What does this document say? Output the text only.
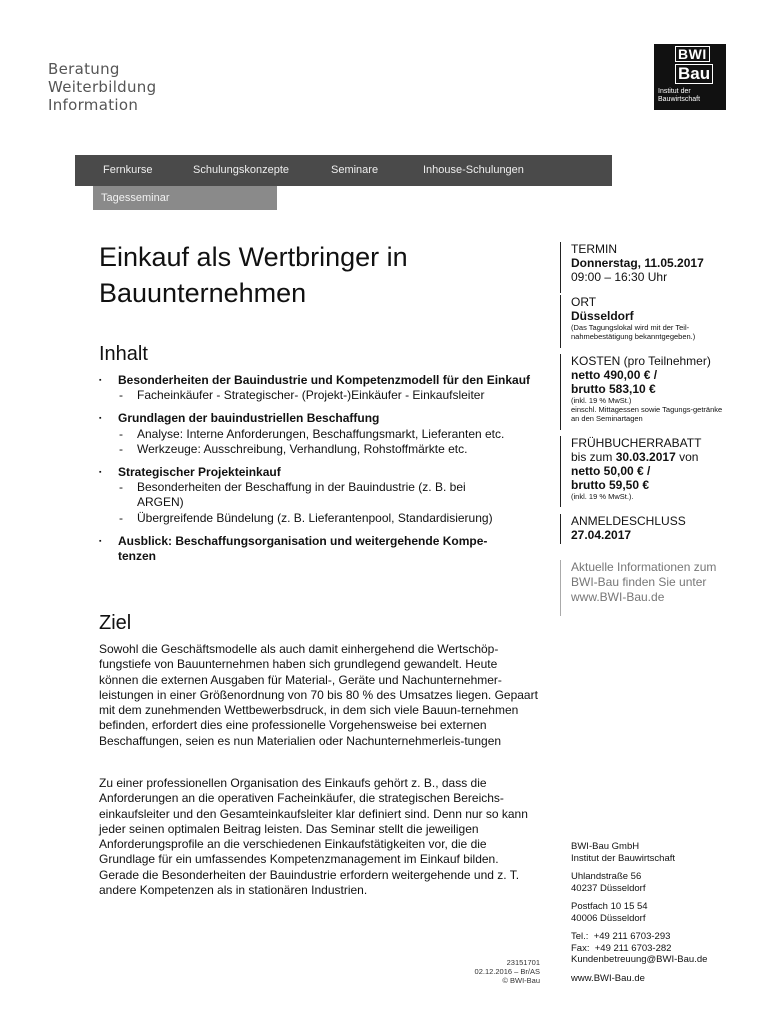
Beratung
Weiterbildung
Information
BWI
Bau
Institut der
Bauwirtschaft
Fernkurse	Schulungskonzepte	Seminare	Inhouse-Schulungen
Tagesseminar
Einkauf als Wertbringer in
Bauunternehmen
Inhalt
▪ Besonderheiten der Bauindustrie und Kompetenzmodell für den Einkauf
- Facheinkäufer - Strategischer- (Projekt-)Einkäufer - Einkaufsleiter
▪ Grundlagen der bauindustriellen Beschaffung
- Analyse: Interne Anforderungen, Beschaffungsmarkt, Lieferanten etc.
- Werkzeuge: Ausschreibung, Verhandlung, Rohstoffmärkte etc.
▪ Strategischer Projekteinkauf
- Besonderheiten der Beschaffung in der Bauindustrie (z. B. bei ARGEN)
- Übergreifende Bündelung (z. B. Lieferantenpool, Standardisierung)
▪ Ausblick: Beschaffungsorganisation und weitergehende Kompe-tenzen
Ziel
Sowohl die Geschäftsmodelle als auch damit einhergehend die Wertschöp-fungstiefe von Bauunternehmen haben sich grundlegend gewandelt. Heute können die externen Ausgaben für Material-, Geräte und Nachunternehmer-leistungen in einer Größenordnung von 70 bis 80 % des Umsatzes liegen. Gepaart mit dem zunehmenden Wettbewerbsdruck, in dem sich viele Bauun-ternehmen befinden, erfordert dies eine professionelle Vorgehensweise bei externen Beschaffungen, seien es nun Materialien oder Nachunternehmerleis-tungen
Zu einer professionellen Organisation des Einkaufs gehört z. B., dass die Anforderungen an die operativen Facheinkäufer, die strategischen Bereichs-einkaufsleiter und den Gesamteinkaufsleiter klar definiert sind. Denn nur so kann jeder seinen optimalen Beitrag leisten. Das Seminar stellt die jeweiligen Anforderungsprofile an die verschiedenen Einkaufstätigkeiten vor, die die Grundlage für ein umfassendes Kompetenzmanagement im Einkauf bilden. Gerade die Besonderheiten der Bauindustrie erfordern weitergehende und z. T. andere Kompetenzen als in stationären Industrien.
TERMIN
Donnerstag, 11.05.2017
09:00 – 16:30 Uhr
ORT
Düsseldorf
(Das Tagungslokal wird mit der Teil-nahmebestätigung bekanntgegeben.)
KOSTEN (pro Teilnehmer)
netto 490,00 € /
brutto 583,10 €
(inkl. 19 % MwSt.)
einschl. Mittagessen sowie Tagungs-getränke an den Seminartagen
FRÜHBUCHERRABATT
bis zum 30.03.2017 von
netto 50,00 € /
brutto 59,50 €
(inkl. 19 % MwSt.).
ANMELDESCHLUSS
27.04.2017
Aktuelle Informationen zum BWI-Bau finden Sie unter www.BWI-Bau.de
BWI-Bau GmbH
Institut der Bauwirtschaft
Uhlandstraße 56
40237 Düsseldorf
Postfach 10 15 54
40006 Düsseldorf
Tel.:  +49 211 6703-293
Fax:  +49 211 6703-282
Kundenbetreuung@BWI-Bau.de
www.BWI-Bau.de
23151701
02.12.2016 – Br/AS
© BWI-Bau
